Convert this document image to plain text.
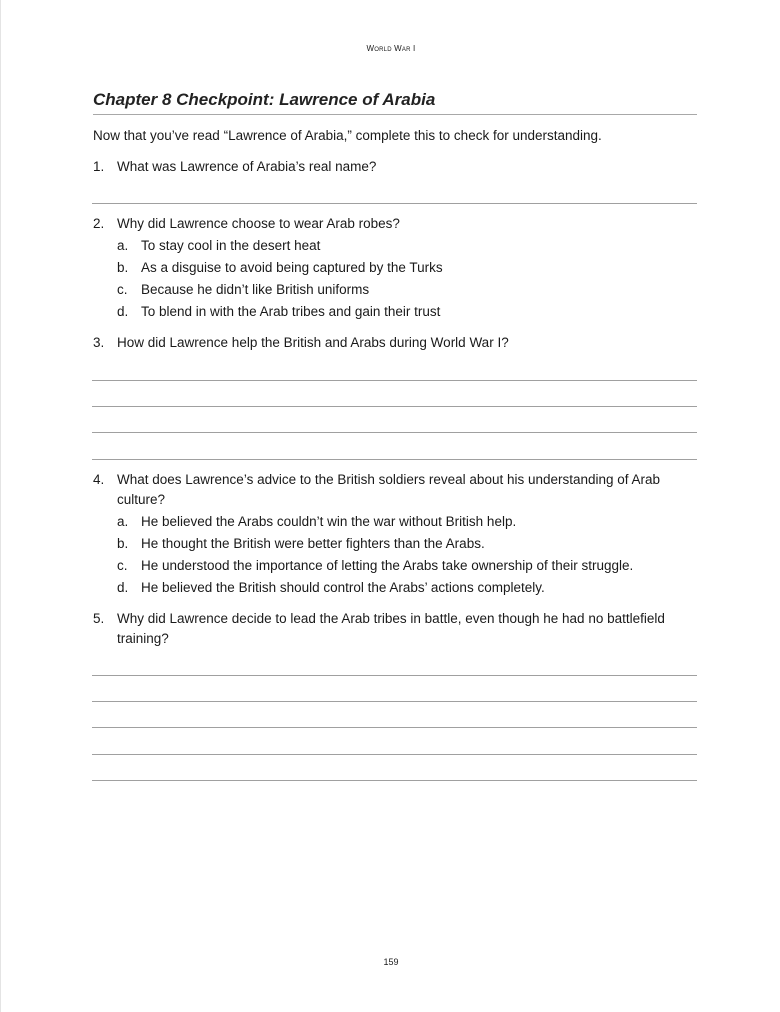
World War I
Chapter 8 Checkpoint: Lawrence of Arabia

Now that you’ve read “Lawrence of Arabia,” complete this to check for understanding.

1. What was Lawrence of Arabia’s real name?
2. Why did Lawrence choose to wear Arab robes?
a. To stay cool in the desert heat
b. As a disguise to avoid being captured by the Turks
c. Because he didn’t like British uniforms
d. To blend in with the Arab tribes and gain their trust
3. How did Lawrence help the British and Arabs during World War I?
4. What does Lawrence’s advice to the British soldiers reveal about his understanding of Arab culture?
a. He believed the Arabs couldn’t win the war without British help.
b. He thought the British were better fighters than the Arabs.
c. He understood the importance of letting the Arabs take ownership of their struggle.
d. He believed the British should control the Arabs’ actions completely.
5. Why did Lawrence decide to lead the Arab tribes in battle, even though he had no battlefield training?
159
